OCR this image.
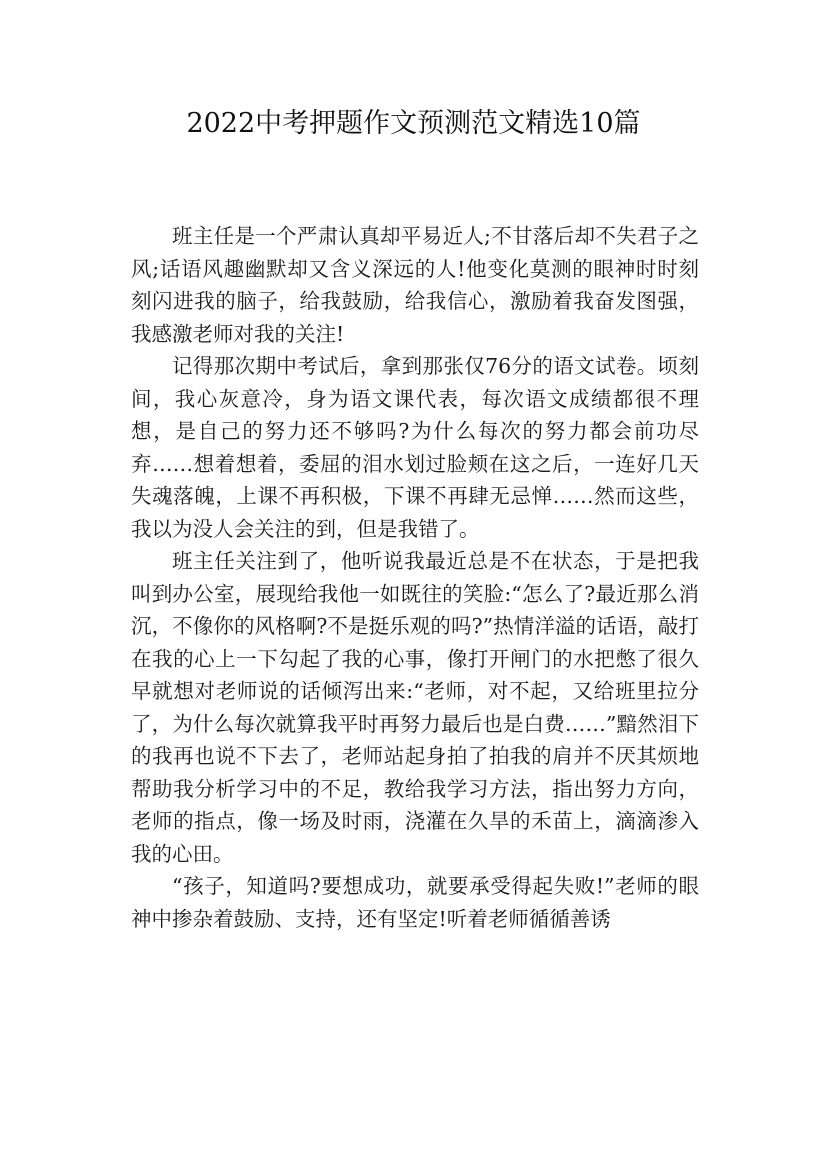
2022中考押题作文预测范文精选10篇

班主任是一个严肃认真却平易近人;不甘落后却不失君子之风;话语风趣幽默却又含义深远的人!他变化莫测的眼神时时刻刻闪进我的脑子，给我鼓励，给我信心，激励着我奋发图强，我感激老师对我的关注!

记得那次期中考试后，拿到那张仅76分的语文试卷。顷刻间，我心灰意冷，身为语文课代表，每次语文成绩都很不理想，是自己的努力还不够吗?为什么每次的努力都会前功尽弃……想着想着，委屈的泪水划过脸颊在这之后，一连好几天失魂落魄，上课不再积极，下课不再肆无忌惮……然而这些，我以为没人会关注的到，但是我错了。

班主任关注到了，他听说我最近总是不在状态，于是把我叫到办公室，展现给我他一如既往的笑脸:“怎么了?最近那么消沉，不像你的风格啊?不是挺乐观的吗?”热情洋溢的话语，敲打在我的心上一下勾起了我的心事，像打开闸门的水把憋了很久早就想对老师说的话倾泻出来:“老师，对不起，又给班里拉分了，为什么每次就算我平时再努力最后也是白费……”黯然泪下的我再也说不下去了，老师站起身拍了拍我的肩并不厌其烦地帮助我分析学习中的不足，教给我学习方法，指出努力方向，老师的指点，像一场及时雨，浇灌在久旱的禾苗上，滴滴渗入我的心田。

“孩子，知道吗?要想成功，就要承受得起失败!”老师的眼神中掺杂着鼓励、支持，还有坚定!听着老师循循善诱
